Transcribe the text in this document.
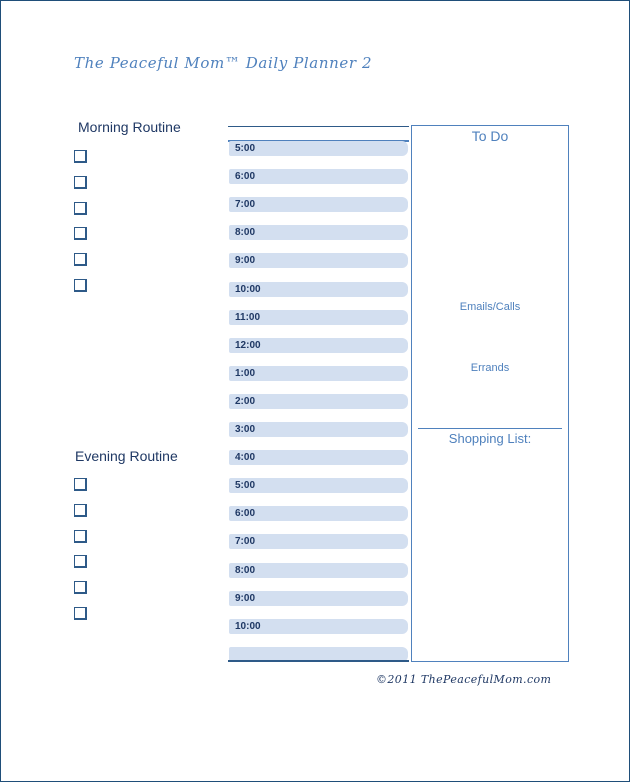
The Peaceful Mom™ Daily Planner 2
Morning Routine
Evening Routine
5:00
6:00
7:00
8:00
9:00
10:00
11:00
12:00
1:00
2:00
3:00
4:00
5:00
6:00
7:00
8:00
9:00
10:00
To Do
Emails/Calls
Errands
Shopping List:
©2011 ThePeacefulMom.com
